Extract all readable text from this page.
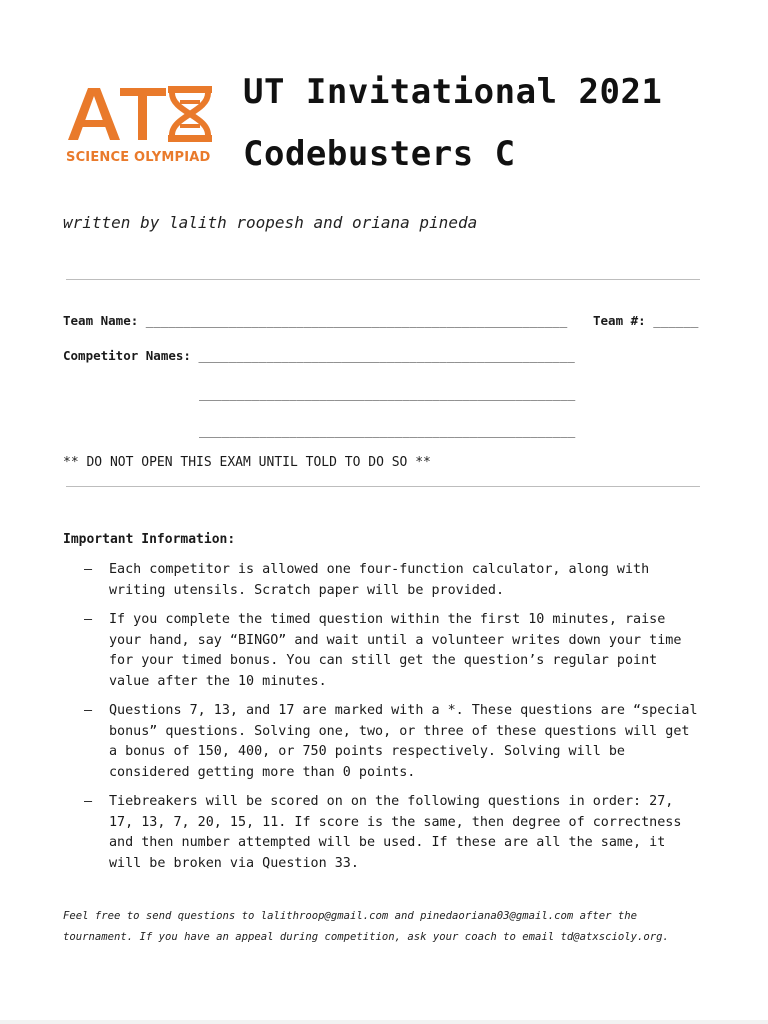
SCIENCE OLYMPIAD
UT Invitational 2021
Codebusters C
written by lalith roopesh and oriana pineda
Team Name: ________________________________________________________ Team #: ______
Competitor Names: __________________________________________________
__________________________________________________
__________________________________________________
** DO NOT OPEN THIS EXAM UNTIL TOLD TO DO SO **
Important Information:
– Each competitor is allowed one four-function calculator, along with writing utensils. Scratch paper will be provided.
– If you complete the timed question within the first 10 minutes, raise your hand, say “BINGO” and wait until a volunteer writes down your time for your timed bonus. You can still get the question’s regular point value after the 10 minutes.
– Questions 7, 13, and 17 are marked with a *. These questions are “special bonus” questions. Solving one, two, or three of these questions will get a bonus of 150, 400, or 750 points respectively. Solving will be considered getting more than 0 points.
– Tiebreakers will be scored on on the following questions in order: 27, 17, 13, 7, 20, 15, 11. If score is the same, then degree of correctness and then number attempted will be used. If these are all the same, it will be broken via Question 33.
Feel free to send questions to lalithroop@gmail.com and pinedaoriana03@gmail.com after the tournament. If you have an appeal during competition, ask your coach to email td@atxscioly.org.
